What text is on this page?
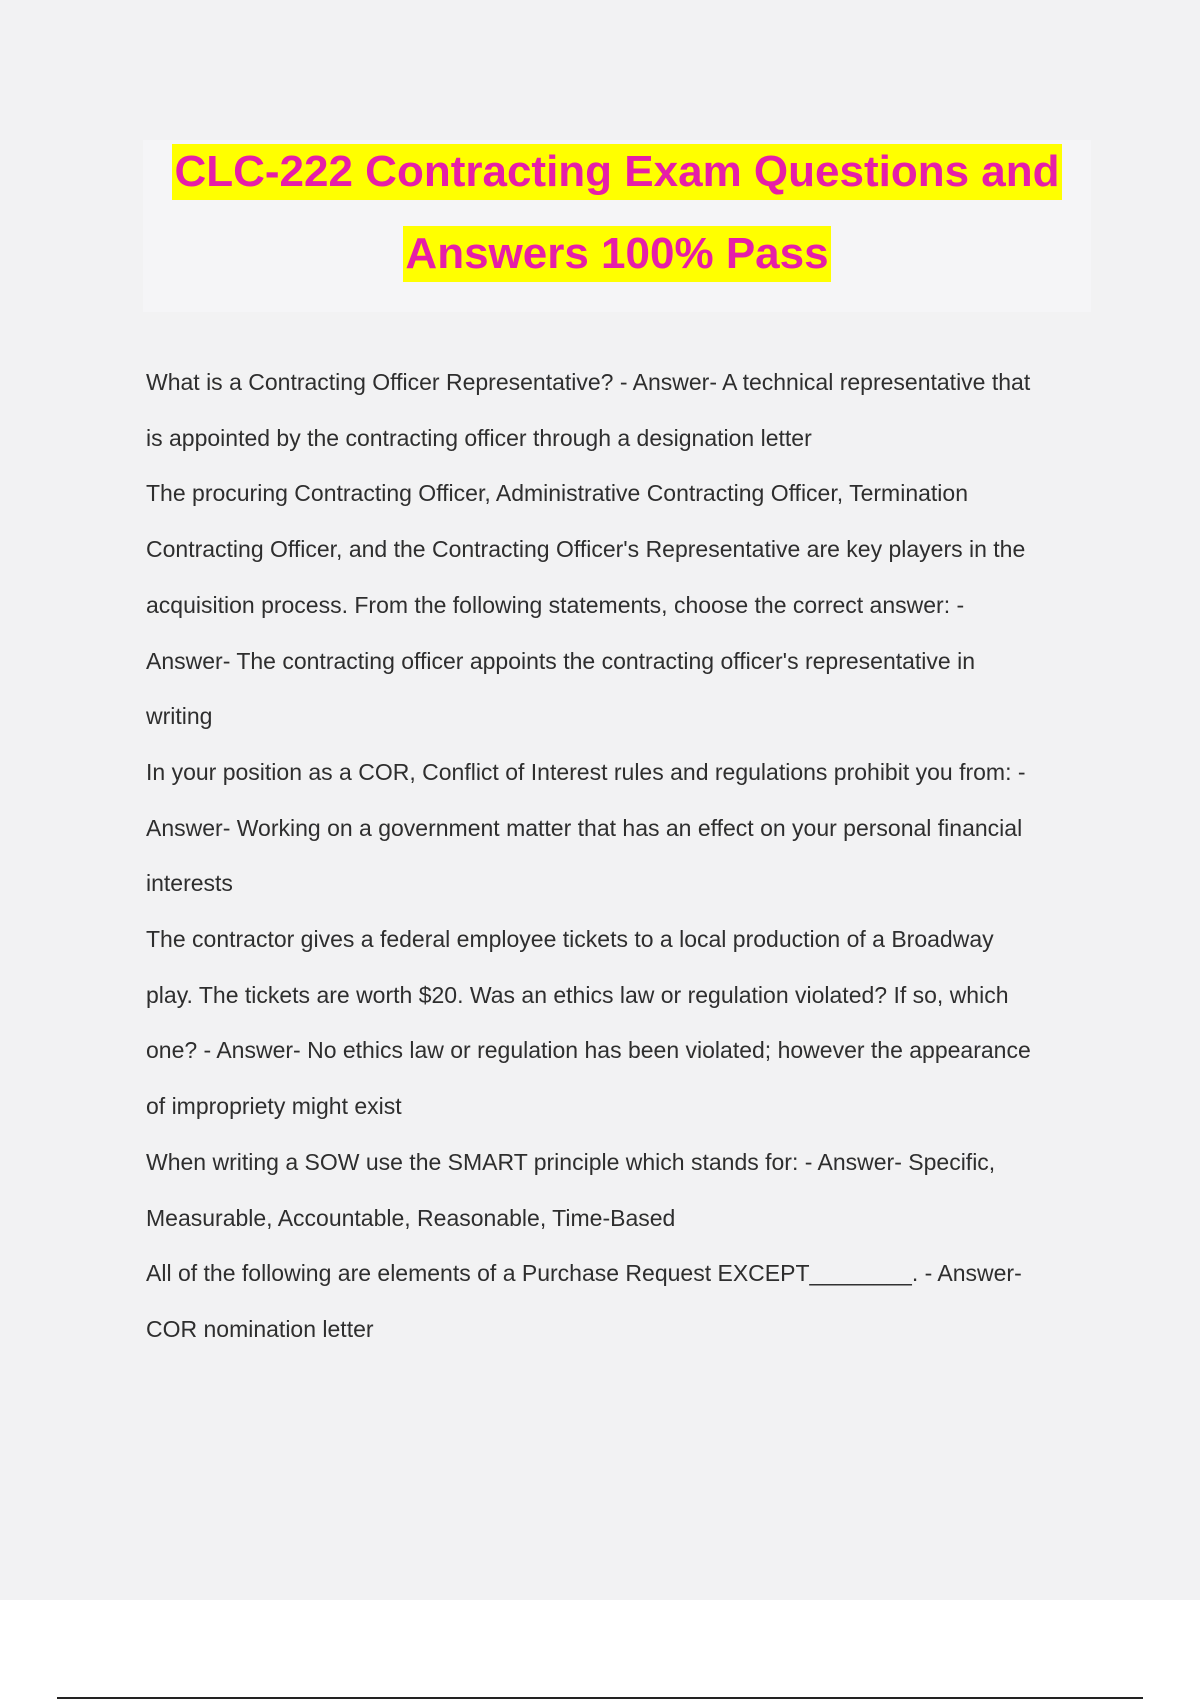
CLC-222 Contracting Exam Questions and
Answers 100% Pass
What is a Contracting Officer Representative? - Answer- A technical representative that
is appointed by the contracting officer through a designation letter
The procuring Contracting Officer, Administrative Contracting Officer, Termination
Contracting Officer, and the Contracting Officer's Representative are key players in the
acquisition process. From the following statements, choose the correct answer: -
Answer- The contracting officer appoints the contracting officer's representative in
writing
In your position as a COR, Conflict of Interest rules and regulations prohibit you from: -
Answer- Working on a government matter that has an effect on your personal financial
interests
The contractor gives a federal employee tickets to a local production of a Broadway
play. The tickets are worth $20. Was an ethics law or regulation violated? If so, which
one? - Answer- No ethics law or regulation has been violated; however the appearance
of impropriety might exist
When writing a SOW use the SMART principle which stands for: - Answer- Specific,
Measurable, Accountable, Reasonable, Time-Based
All of the following are elements of a Purchase Request EXCEPT________. - Answer-
COR nomination letter
